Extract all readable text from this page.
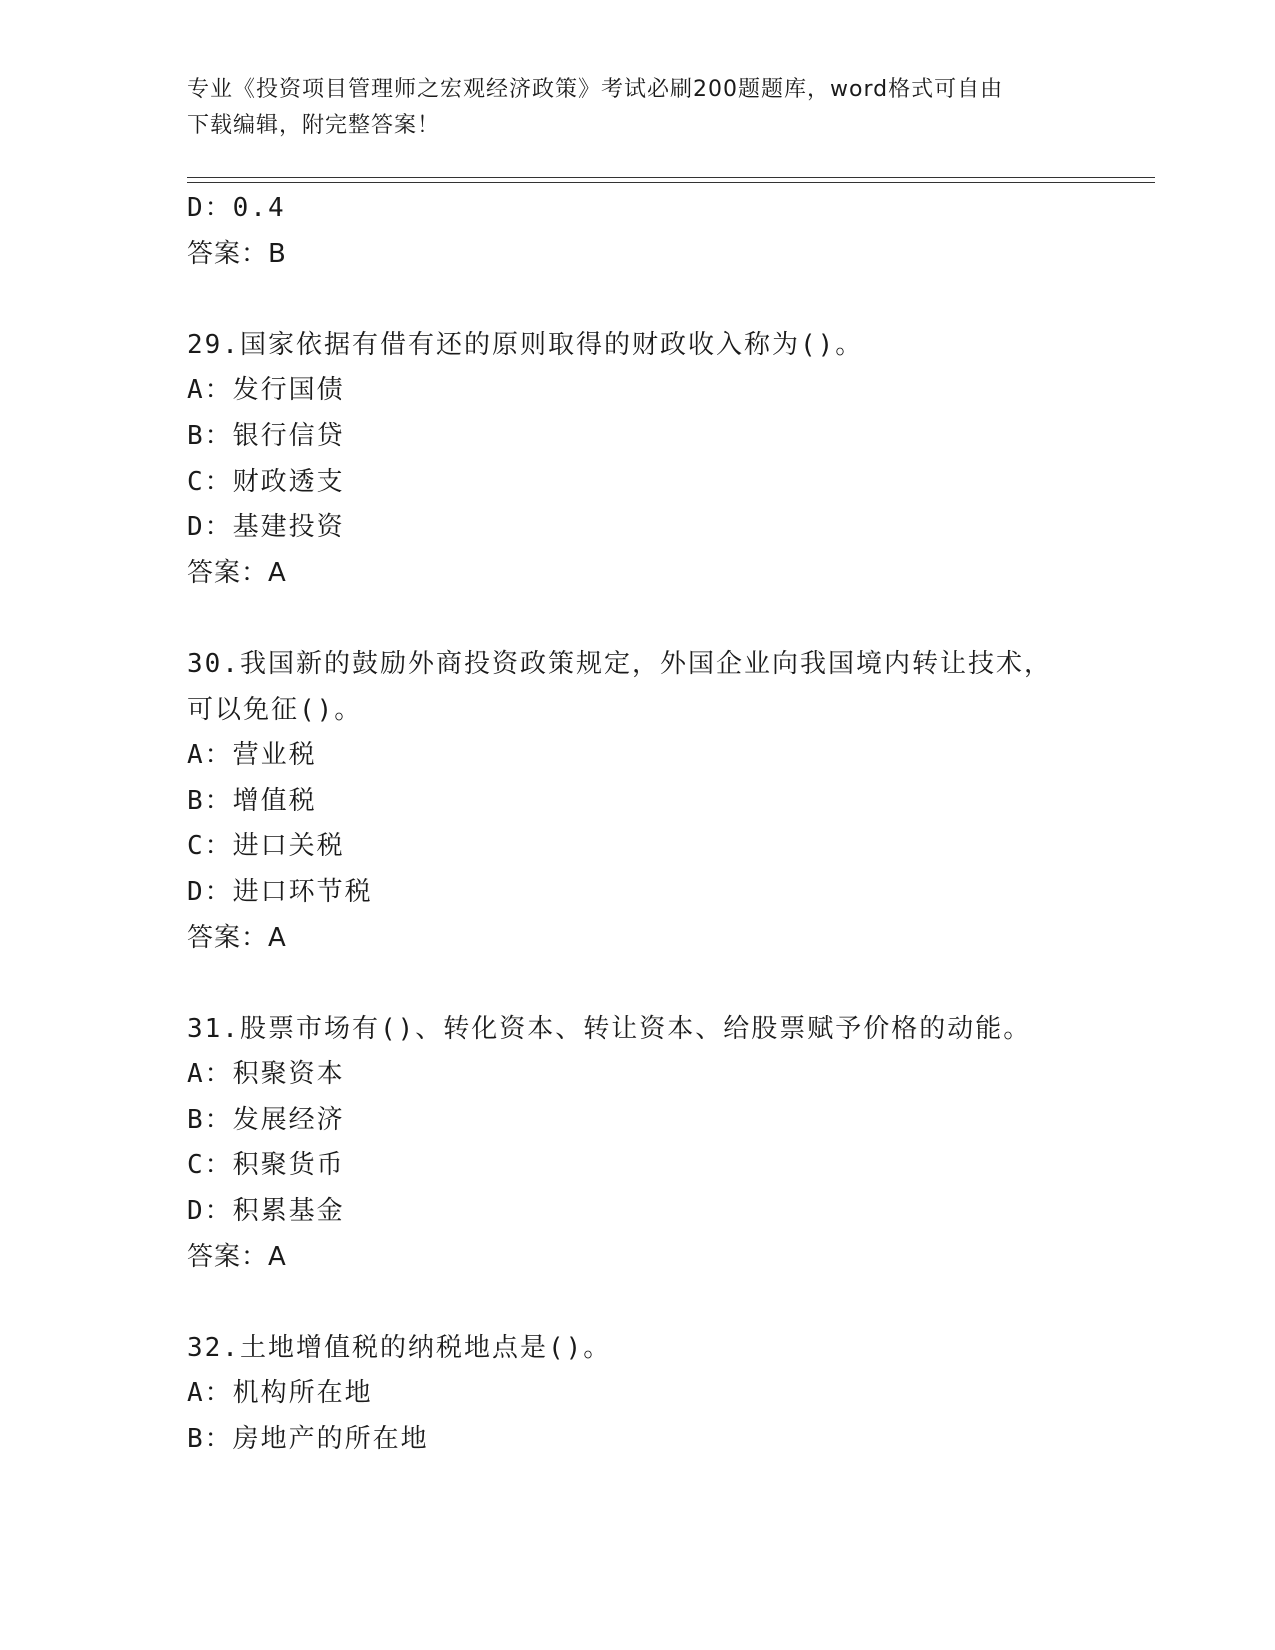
专业《投资项目管理师之宏观经济政策》考试必刷200题题库，word格式可自由
下载编辑，附完整答案！
D：0.4
答案：B
29.国家依据有借有还的原则取得的财政收入称为()。
A：发行国债
B：银行信贷
C：财政透支
D：基建投资
答案：A
30.我国新的鼓励外商投资政策规定，外国企业向我国境内转让技术，
可以免征()。
A：营业税
B：增值税
C：进口关税
D：进口环节税
答案：A
31.股票市场有()、转化资本、转让资本、给股票赋予价格的动能。
A：积聚资本
B：发展经济
C：积聚货币
D：积累基金
答案：A
32.土地增值税的纳税地点是()。
A：机构所在地
B：房地产的所在地
